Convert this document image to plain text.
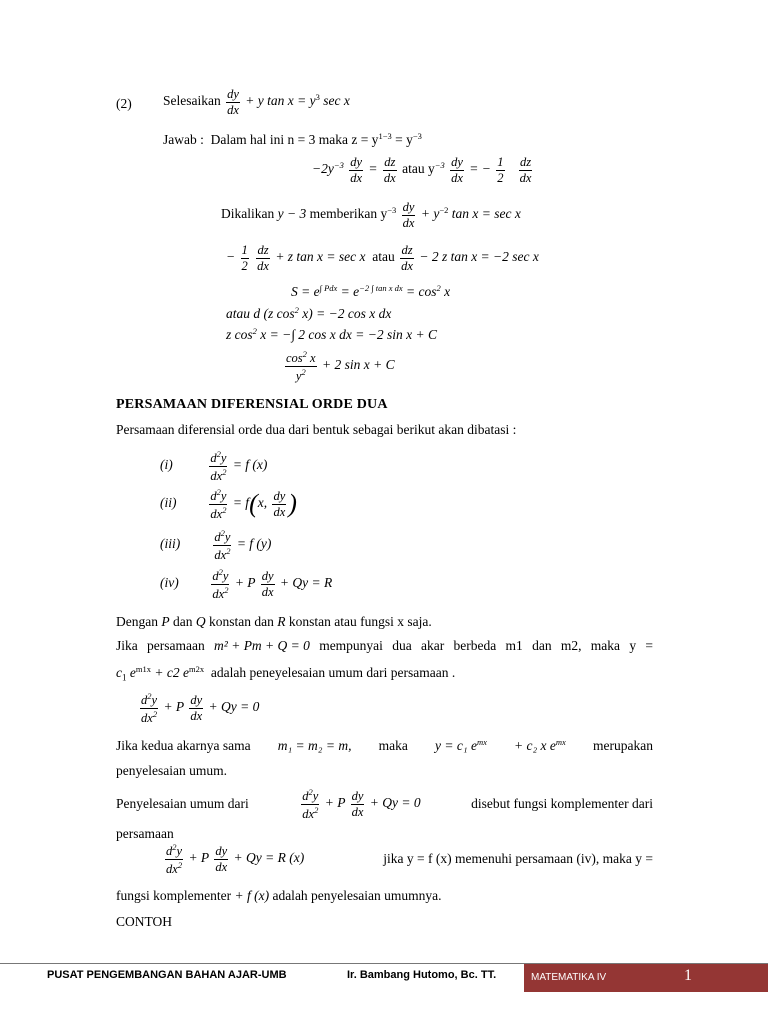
(2) Selesaikan $\frac{dy}{dx} + y$ $\tan x = y^3$ sec x
Jawab : Dalam hal ini n = 3 maka $z = y^{1-3} = y^{-3}$
$-2y^{-3} \frac{dy}{dx} = \frac{dz}{dx}$ atau $y^{-3} \frac{dy}{dx}$ = − $\frac{1}{2}$
$\frac{dz}{dx}$
Dikalikan y − 3 memberikan $y^{-3} \frac{dy}{dx} + y^{-2}$ tan x = sec x
− $\frac{1}{2}$
$\frac{dz}{dx} + z$ tan x = sec x atau $\frac{dz}{dx} - 2$ z tan x = −2 sec x
$S = e^{\int Pdx} = e^{-2 \int tan x dx} = \cos^2 x$
atau d (z $\cos^2 x) = -2$ cos x dx
z $\cos^2 x$ = −∫ 2 cos x dx = −2 sin x + C
$\frac{\cos^2 x}{y^2} + 2$ sin x + C
PERSAMAAN DIFERENSIAL ORDE DUA
Persamaan diferensial orde dua dari bentuk sebagai berikut akan dibatasi :
(i)	$\frac{d^2y}{dx^2} = f$ (x)
(ii)	$\frac{d^2y}{dx^2} = f(x$, $\frac{dy}{dx}$ )
(iii)	$\frac{d^2y}{dx^2} = f$ (y)
(iv)	$\frac{d^2y}{dx^2} + P \frac{dy}{dx} + Qy = R$
Dengan P dan Q konstan dan R konstan atau fungsi x saja.
Jika persamaan m² + Pm + Q = 0 mempunyai dua akar berbeda m1 dan m2, maka y =
$c_1$ $e^{m1x} + c2$ $e^{m2x}$ adalah peneyelesaian umum dari persamaan .
$\frac{d^2y}{dx^2} + P \frac{dy}{dx} + Qy = 0$
Jika kedua akarnya sama m₁ = m₂ = m, maka y = c₁ $e^{mx} + c_2$ x $e^{mx}$ merupakan
penyelesaian umum.
Penyelesaian umum dari	$\frac{d^2y}{dx^2} + P \frac{dy}{dx} + Qy = 0$	disebut fungsi komplementer dari
persamaan
$\frac{d^2y}{dx^2} + P \frac{dy}{dx} + Qy = R$ (x)	jika y = f (x) memenuhi persamaan (iv), maka y =
fungsi komplementer + f (x) adalah penyelesaian umumnya.
CONTOH
PUSAT PENGEMBANGAN BAHAN AJAR-UMB	Ir. Bambang Hutomo, Bc. TT.	MATEMATIKA IV	1
